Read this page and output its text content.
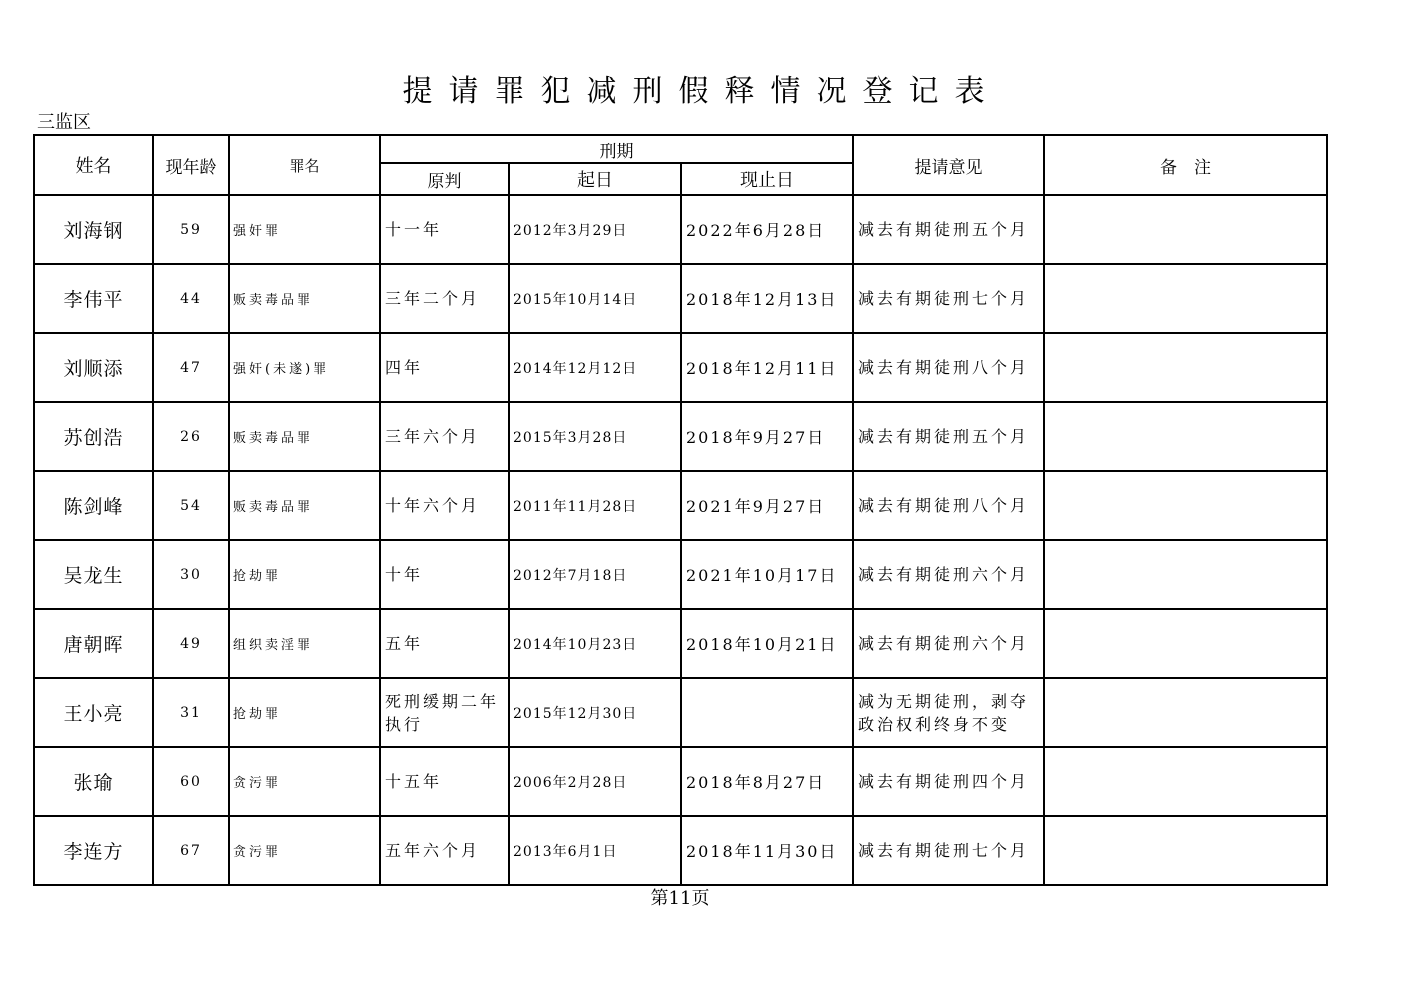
提请罪犯减刑假释情况登记表
三监区
姓名	现年龄	罪名	刑期			提请意见	备　注
			原判	起日	现止日		
刘海钢	59	强奸罪	十一年	2012年3月29日	2022年6月28日	减去有期徒刑五个月	
李伟平	44	贩卖毒品罪	三年二个月	2015年10月14日	2018年12月13日	减去有期徒刑七个月	
刘顺添	47	强奸(未遂)罪	四年	2014年12月12日	2018年12月11日	减去有期徒刑八个月	
苏创浩	26	贩卖毒品罪	三年六个月	2015年3月28日	2018年9月27日	减去有期徒刑五个月	
陈剑峰	54	贩卖毒品罪	十年六个月	2011年11月28日	2021年9月27日	减去有期徒刑八个月	
吴龙生	30	抢劫罪	十年	2012年7月18日	2021年10月17日	减去有期徒刑六个月	
唐朝晖	49	组织卖淫罪	五年	2014年10月23日	2018年10月21日	减去有期徒刑六个月	
王小亮	31	抢劫罪	死刑缓期二年执行	2015年12月30日		减为无期徒刑，剥夺政治权利终身不变	
张瑜	60	贪污罪	十五年	2006年2月28日	2018年8月27日	减去有期徒刑四个月	
李连方	67	贪污罪	五年六个月	2013年6月1日	2018年11月30日	减去有期徒刑七个月	
第11页
